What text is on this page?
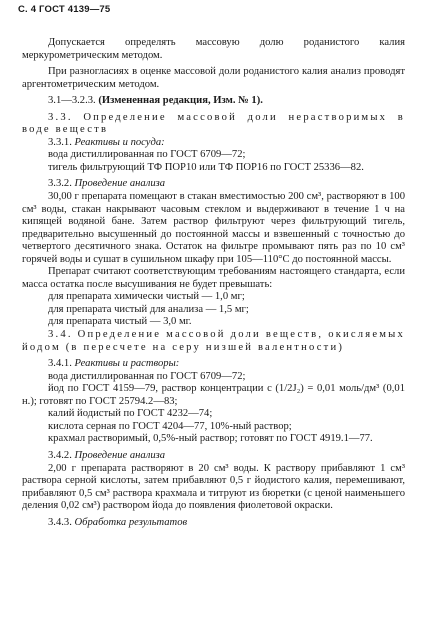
С. 4 ГОСТ 4139—75

Допускается определять массовую долю роданистого калия меркурометрическим методом.

При разногласиях в оценке массовой доли роданистого калия анализ проводят аргентометрическим методом.

3.1—3.2.3. (Измененная редакция, Изм. № 1).

3.3. Определение массовой доли нерастворимых в воде веществ

3.3.1. Реактивы и посуда:

вода дистиллированная по ГОСТ 6709—72;

тигель фильтрующий ТФ ПОР10 или ТФ ПОР16 по ГОСТ 25336—82.

3.3.2. Проведение анализа

30,00 г препарата помещают в стакан вместимостью 200 см³, растворяют в 100 см³ воды, стакан накрывают часовым стеклом и выдерживают в течение 1 ч на кипящей водяной бане. Затем раствор фильтруют через фильтрующий тигель, предварительно высушенный до постоянной массы и взвешенный с точностью до четвертого десятичного знака. Остаток на фильтре промывают пять раз по 10 см³ горячей воды и сушат в сушильном шкафу при 105—110°С до постоянной массы.

Препарат считают соответствующим требованиям настоящего стандарта, если масса остатка после высушивания не будет превышать:

для препарата химически чистый — 1,0 мг;

для препарата чистый для анализа — 1,5 мг;

для препарата чистый — 3,0 мг.

3.4. Определение массовой доли веществ, окисляемых йодом (в пересчете на серу низшей валентности)

3.4.1. Реактивы и растворы:

вода дистиллированная по ГОСТ 6709—72;

йод по ГОСТ 4159—79, раствор концентрации c (1/2J₂) = 0,01 моль/дм³ (0,01 н.); готовят по ГОСТ 25794.2—83;

калий йодистый по ГОСТ 4232—74;

кислота серная по ГОСТ 4204—77, 10%-ный раствор;

крахмал растворимый, 0,5%-ный раствор; готовят по ГОСТ 4919.1—77.

3.4.2. Проведение анализа

2,00 г препарата растворяют в 20 см³ воды. К раствору прибавляют 1 см³ раствора серной кислоты, затем прибавляют 0,5 г йодистого калия, перемешивают, прибавляют 0,5 см³ раствора крахмала и титруют из бюретки (с ценой наименьшего деления 0,02 см³) раствором йода до появления фиолетовой окраски.

3.4.3. Обработка результатов
